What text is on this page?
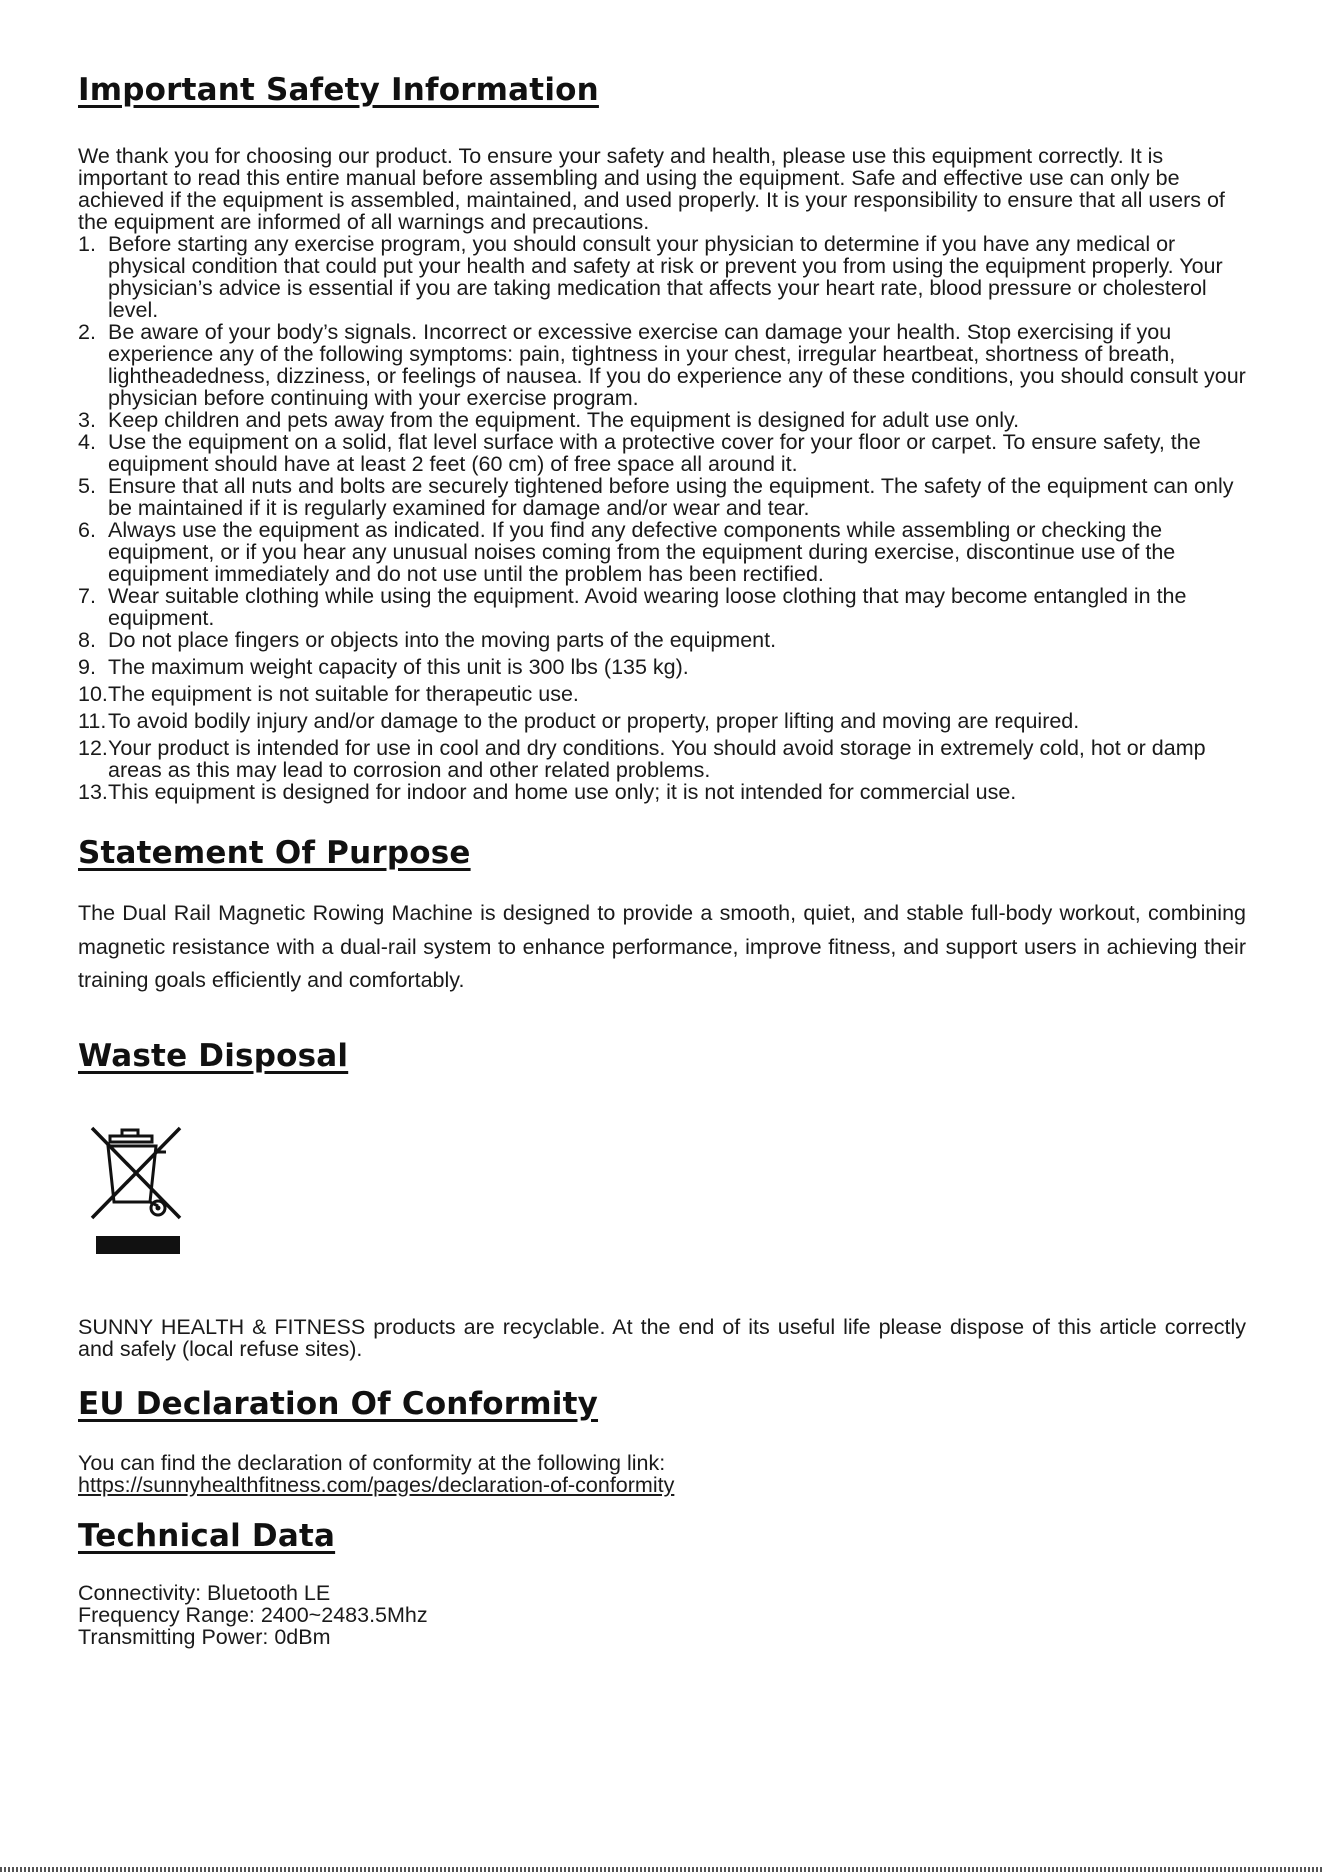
Important Safety Information

We thank you for choosing our product. To ensure your safety and health, please use this equipment correctly. It is important to read this entire manual before assembling and using the equipment. Safe and effective use can only be achieved if the equipment is assembled, maintained, and used properly. It is your responsibility to ensure that all users of the equipment are informed of all warnings and precautions.

1. Before starting any exercise program, you should consult your physician to determine if you have any medical or physical condition that could put your health and safety at risk or prevent you from using the equipment properly. Your physician’s advice is essential if you are taking medication that affects your heart rate, blood pressure or cholesterol level.
2. Be aware of your body’s signals. Incorrect or excessive exercise can damage your health. Stop exercising if you experience any of the following symptoms: pain, tightness in your chest, irregular heartbeat, shortness of breath, lightheadedness, dizziness, or feelings of nausea. If you do experience any of these conditions, you should consult your physician before continuing with your exercise program.
3. Keep children and pets away from the equipment. The equipment is designed for adult use only.
4. Use the equipment on a solid, flat level surface with a protective cover for your floor or carpet. To ensure safety, the equipment should have at least 2 feet (60 cm) of free space all around it.
5. Ensure that all nuts and bolts are securely tightened before using the equipment. The safety of the equipment can only be maintained if it is regularly examined for damage and/or wear and tear.
6. Always use the equipment as indicated. If you find any defective components while assembling or checking the equipment, or if you hear any unusual noises coming from the equipment during exercise, discontinue use of the equipment immediately and do not use until the problem has been rectified.
7. Wear suitable clothing while using the equipment. Avoid wearing loose clothing that may become entangled in the equipment.
8. Do not place fingers or objects into the moving parts of the equipment.
9. The maximum weight capacity of this unit is 300 lbs (135 kg).
10. The equipment is not suitable for therapeutic use.
11. To avoid bodily injury and/or damage to the product or property, proper lifting and moving are required.
12. Your product is intended for use in cool and dry conditions. You should avoid storage in extremely cold, hot or damp areas as this may lead to corrosion and other related problems.
13. This equipment is designed for indoor and home use only; it is not intended for commercial use.
Statement Of Purpose

The Dual Rail Magnetic Rowing Machine is designed to provide a smooth, quiet, and stable full-body workout, combining magnetic resistance with a dual-rail system to enhance performance, improve fitness, and support users in achieving their training goals efficiently and comfortably.

Waste Disposal

SUNNY HEALTH & FITNESS products are recyclable. At the end of its useful life please dispose of this article correctly and safely (local refuse sites).

EU Declaration Of Conformity

You can find the declaration of conformity at the following link:

https://sunnyhealthfitness.com/pages/declaration-of-conformity

Technical Data

Connectivity: Bluetooth LE

Frequency Range: 2400~2483.5Mhz

Transmitting Power: 0dBm
